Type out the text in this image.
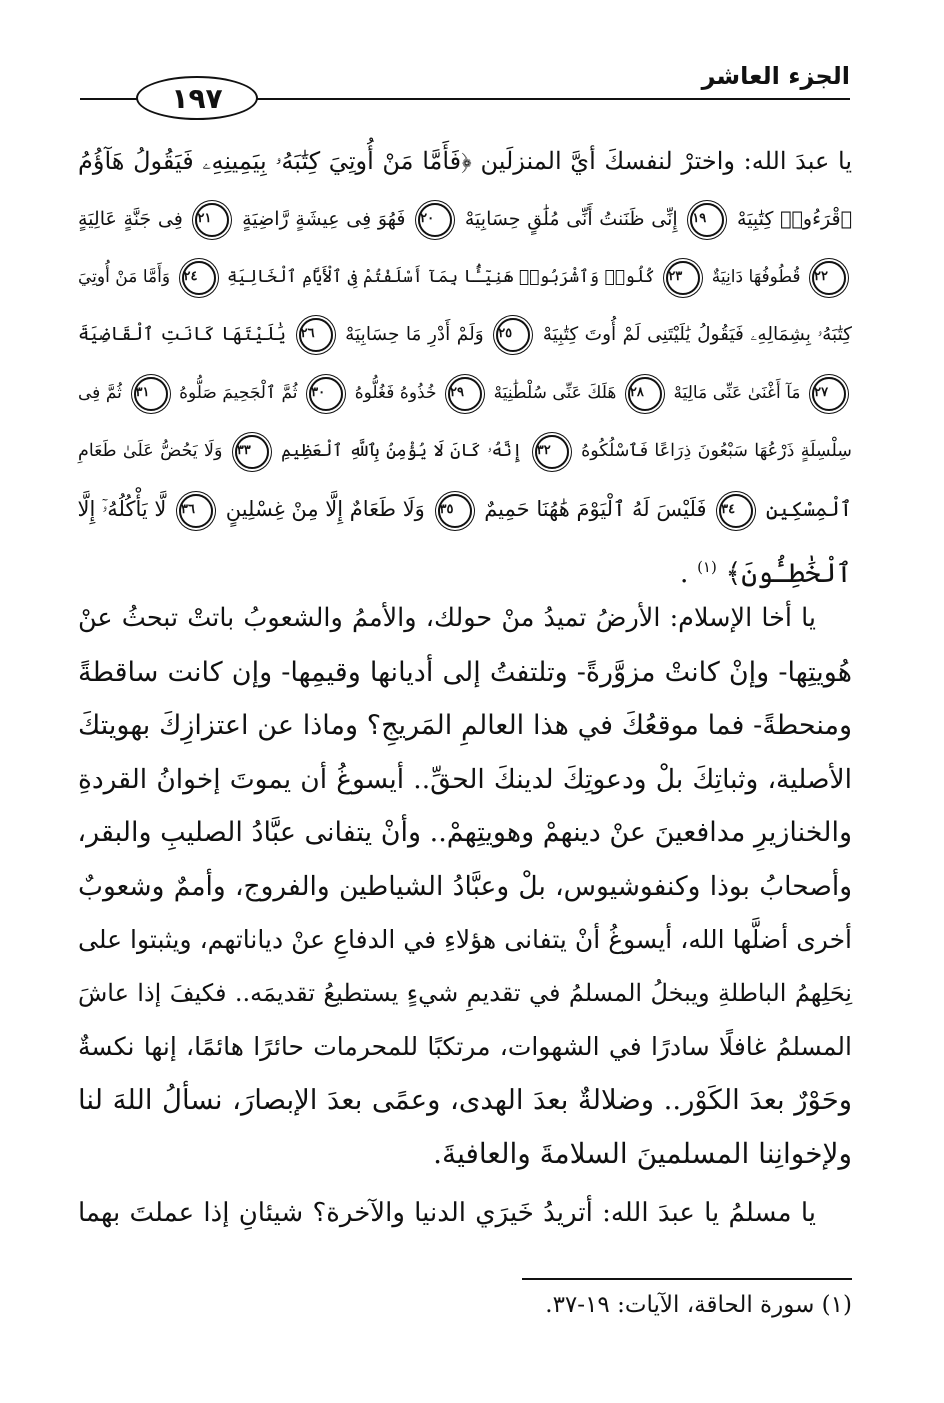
الجزء العاشر
١٩٧
يا عبدَ الله: واخترْ لنفسكَ أيَّ المنزلَين ﴿فَأَمَّا مَنْ أُوتِيَ كِتَٰبَهُۥ بِيَمِينِهِۦ فَيَقُولُ هَآؤُمُ
ٱقْرَءُوا۟ كِتَٰبِيَهْ ١٩ إِنِّى ظَنَنتُ أَنِّى مُلَٰقٍ حِسَابِيَهْ ٢٠ فَهُوَ فِى عِيشَةٍ رَّاضِيَةٍ ٢١ فِى جَنَّةٍ عَالِيَةٍ
٢٢ قُطُوفُهَا دَانِيَةٌ ٢٣ كُلُوا۟ وَٱشْرَبُوا۟ هَنِيٓـًٔۢا بِمَآ أَسْلَفْتُمْ فِى ٱلْأَيَّامِ ٱلْخَالِيَةِ ٢٤ وَأَمَّا مَنْ أُوتِيَ
كِتَٰبَهُۥ بِشِمَالِهِۦ فَيَقُولُ يَٰلَيْتَنِى لَمْ أُوتَ كِتَٰبِيَهْ ٢٥ وَلَمْ أَدْرِ مَا حِسَابِيَهْ ٢٦ يَٰلَيْتَهَا كَانَتِ ٱلْقَاضِيَةَ
٢٧ مَآ أَغْنَىٰ عَنِّى مَالِيَهْ ٢٨ هَلَكَ عَنِّى سُلْطَٰنِيَهْ ٢٩ خُذُوهُ فَغُلُّوهُ ٣٠ ثُمَّ ٱلْجَحِيمَ صَلُّوهُ ٣١ ثُمَّ فِى
سِلْسِلَةٍ ذَرْعُهَا سَبْعُونَ ذِرَاعًا فَٱسْلُكُوهُ ٣٢ إِنَّهُۥ كَانَ لَا يُؤْمِنُ بِٱللَّهِ ٱلْعَظِيمِ ٣٣ وَلَا يَحُضُّ عَلَىٰ طَعَامِ
ٱلْمِسْكِينِ ٣٤ فَلَيْسَ لَهُ ٱلْيَوْمَ هَٰهُنَا حَمِيمٌ ٣٥ وَلَا طَعَامٌ إِلَّا مِنْ غِسْلِينٍ ٣٦ لَّا يَأْكُلُهُۥٓ إِلَّا
ٱلْخَٰطِـُٔونَ﴾ $^{(١)}$ .
يا أخا الإسلام: الأرضُ تميدُ منْ حولك، والأممُ والشعوبُ باتتْ تبحثُ عنْ
هُويتِها- وإنْ كانتْ مزوَّرةً- وتلتفتُ إلى أديانها وقيمِها- وإن كانت ساقطةً
ومنحطةً- فما موقعُكَ في هذا العالمِ المَريجِ؟ وماذا عن اعتزازِكَ بهويتكَ
الأصلية، وثباتِكَ بلْ ودعوتِكَ لدينكَ الحقِّ.. أيسوغُ أن يموتَ إخوانُ القردةِ
والخنازيرِ مدافعينَ عنْ دينهمْ وهويتِهمْ.. وأنْ يتفانى عبَّادُ الصليبِ والبقر،
وأصحابُ بوذا وكنفوشيوس، بلْ وعبَّادُ الشياطين والفروج، وأممٌ وشعوبٌ
أخرى أضلَّها الله، أيسوغُ أنْ يتفانى هؤلاءِ في الدفاعِ عنْ دياناتهم، ويثبتوا على
نِحَلِهمُ الباطلةِ ويبخلُ المسلمُ في تقديمِ شيءٍ يستطيعُ تقديمَه.. فكيفَ إذا عاشَ
المسلمُ غافلًا سادرًا في الشهوات، مرتكبًا للمحرمات حائرًا هائمًا، إنها نكسةٌ
وحَوْرٌ بعدَ الكَوْر.. وضلالةٌ بعدَ الهدى، وعمًى بعدَ الإبصارَ، نسألُ اللهَ لنا
ولإخوانِنا المسلمينَ السلامةَ والعافيةَ.
يا مسلمُ يا عبدَ الله: أتريدُ خَيرَي الدنيا والآخرة؟ شيئانِ إذا عملتَ بهما
(١) سورة الحاقة، الآيات: ١٩-٣٧.
